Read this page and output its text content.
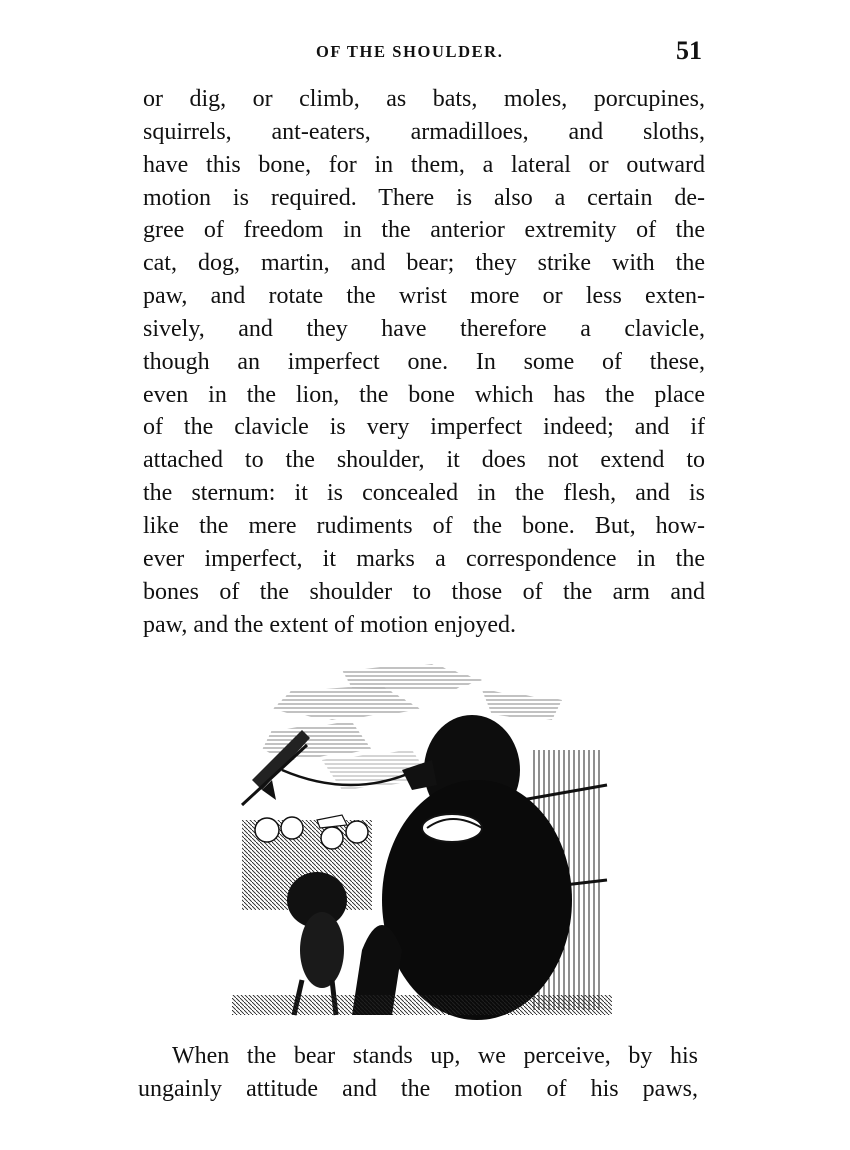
OF THE SHOULDER.	51
or dig, or climb, as bats, moles, porcupines,
squirrels, ant-eaters, armadilloes, and sloths,
have this bone, for in them, a lateral or outward
motion is required. There is also a certain de-
gree of freedom in the anterior extremity of the
cat, dog, martin, and bear; they strike with the
paw, and rotate the wrist more or less exten-
sively, and they have therefore a clavicle,
though an imperfect one. In some of these,
even in the lion, the bone which has the place
of the clavicle is very imperfect indeed; and if
attached to the shoulder, it does not extend to
the sternum: it is concealed in the flesh, and is
like the mere rudiments of the bone. But, how-
ever imperfect, it marks a correspondence in the
bones of the shoulder to those of the arm and
paw, and the extent of motion enjoyed.
When the bear stands up, we perceive, by his
ungainly attitude and the motion of his paws,
